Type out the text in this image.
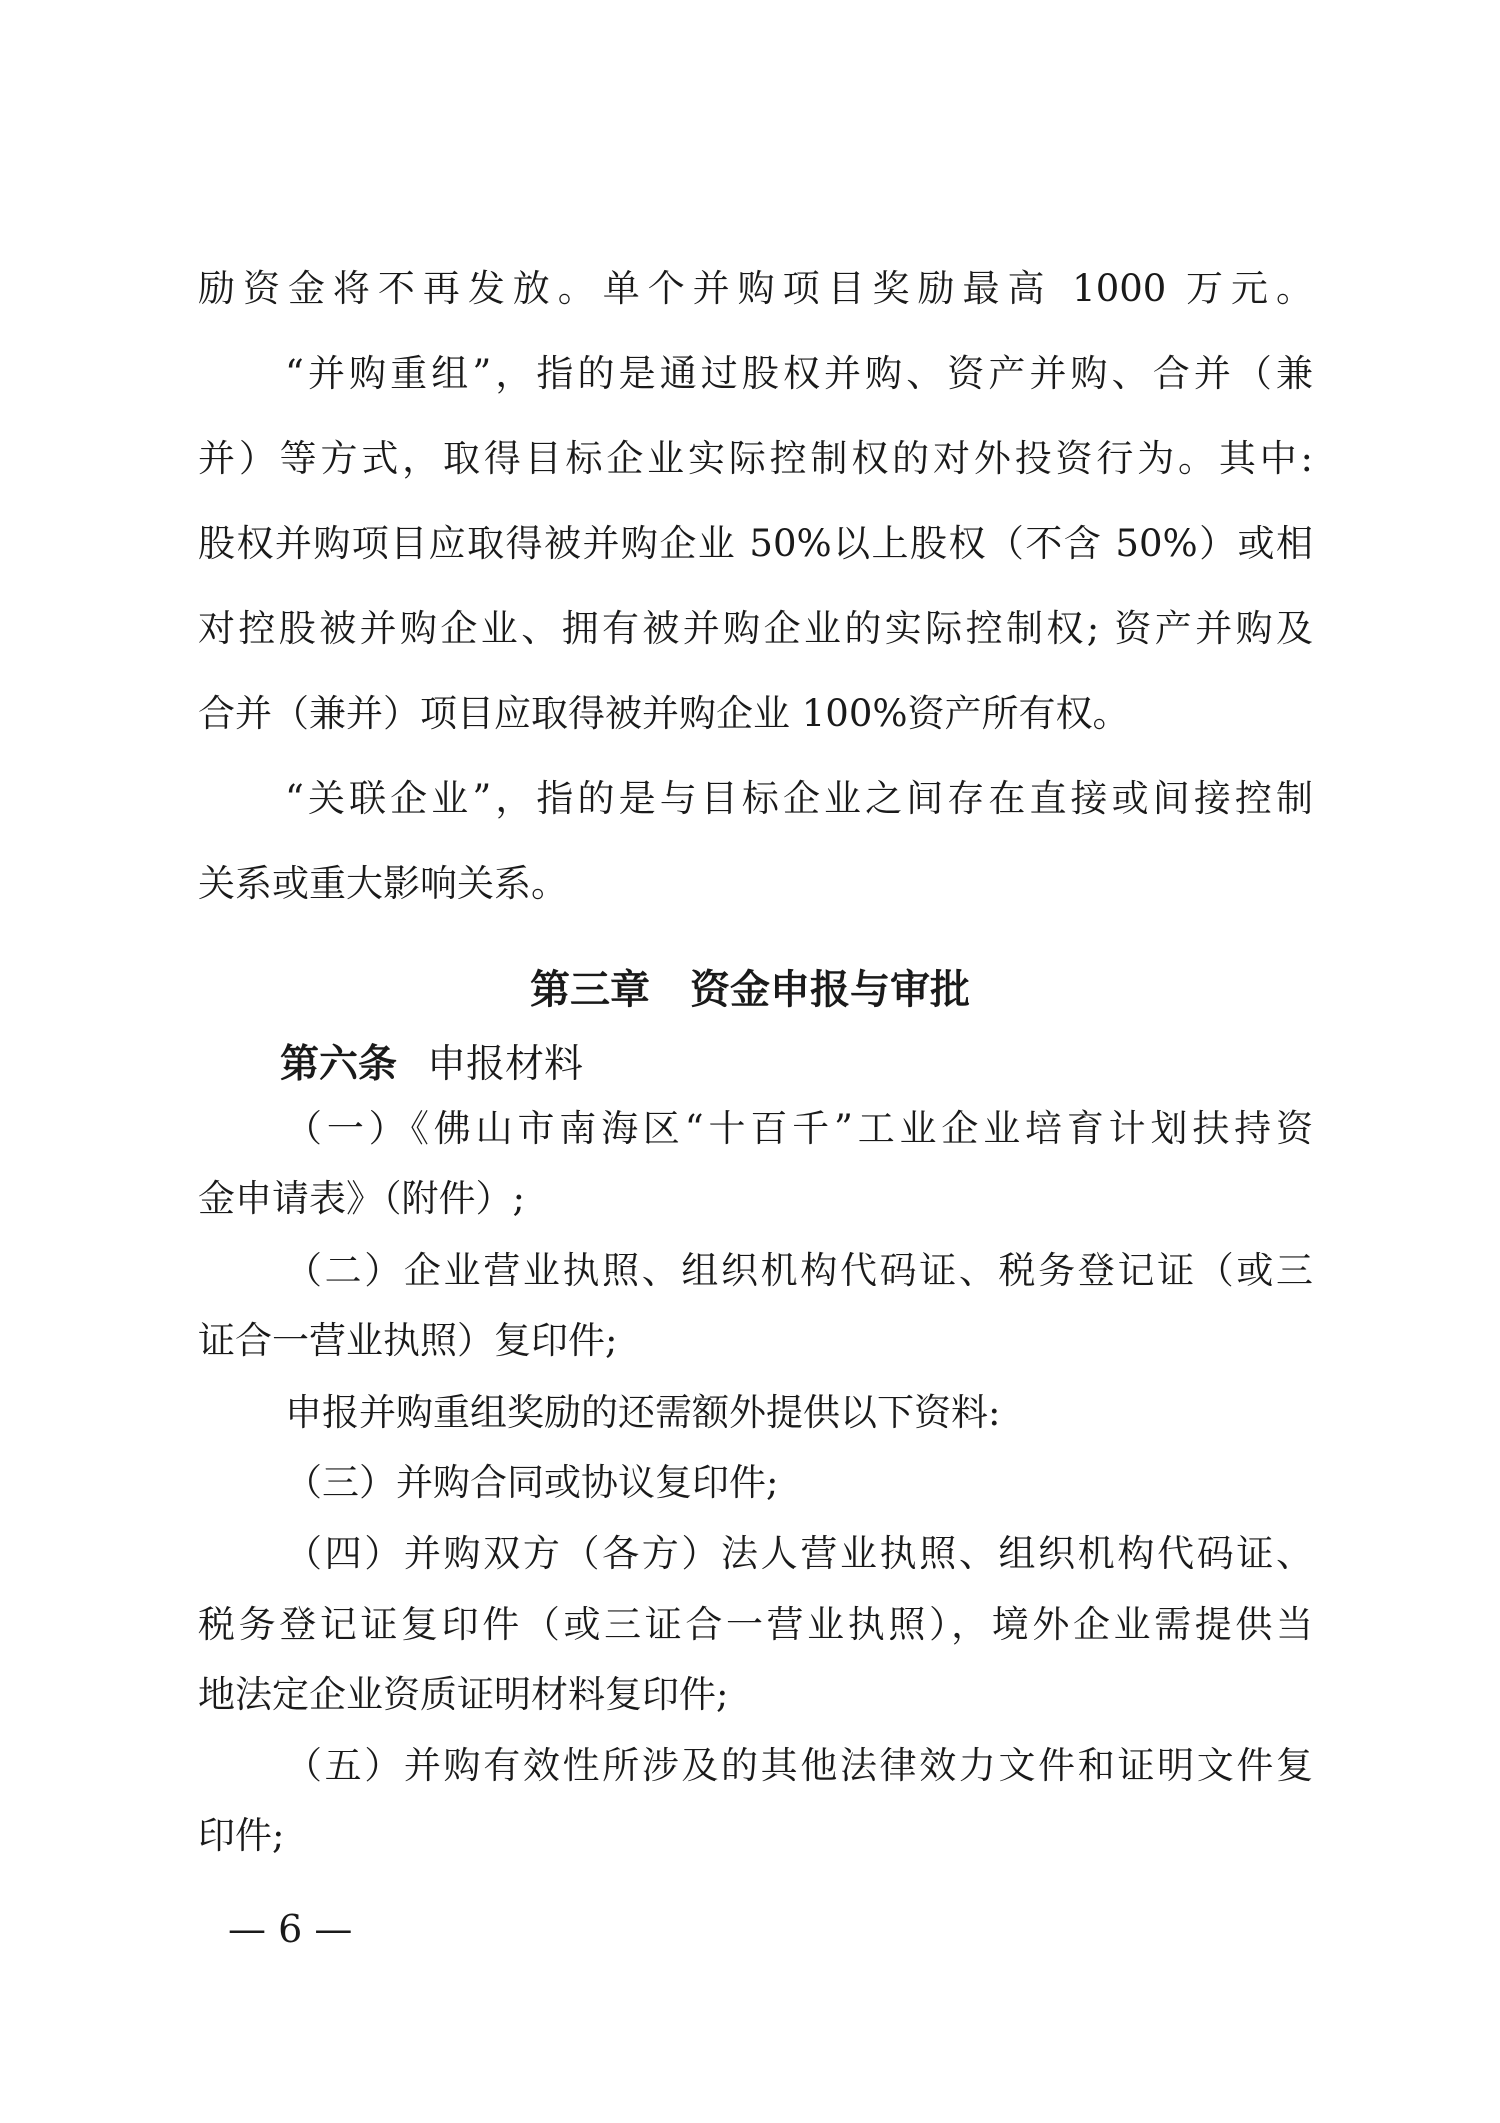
励资金将不再发放。单个并购项目奖励最高 1000 万元。
“并购重组”，指的是通过股权并购、资产并购、合并（兼
并）等方式，取得目标企业实际控制权的对外投资行为。其中:
股权并购项目应取得被并购企业 50%以上股权（不含 50%）或相
对控股被并购企业、拥有被并购企业的实际控制权; 资产并购及
合并（兼并）项目应取得被并购企业 100%资产所有权。
“关联企业”，指的是与目标企业之间存在直接或间接控制
关系或重大影响关系。
第三章 资金申报与审批
第六条 申报材料
（一）《佛山市南海区“十百千”工业企业培育计划扶持资
金申请表》（附件）;
（二）企业营业执照、组织机构代码证、税务登记证（或三
证合一营业执照）复印件;
申报并购重组奖励的还需额外提供以下资料:
（三）并购合同或协议复印件;
（四）并购双方（各方）法人营业执照、组织机构代码证、
税务登记证复印件（或三证合一营业执照），境外企业需提供当
地法定企业资质证明材料复印件;
（五）并购有效性所涉及的其他法律效力文件和证明文件复
印件;
— 6 —
